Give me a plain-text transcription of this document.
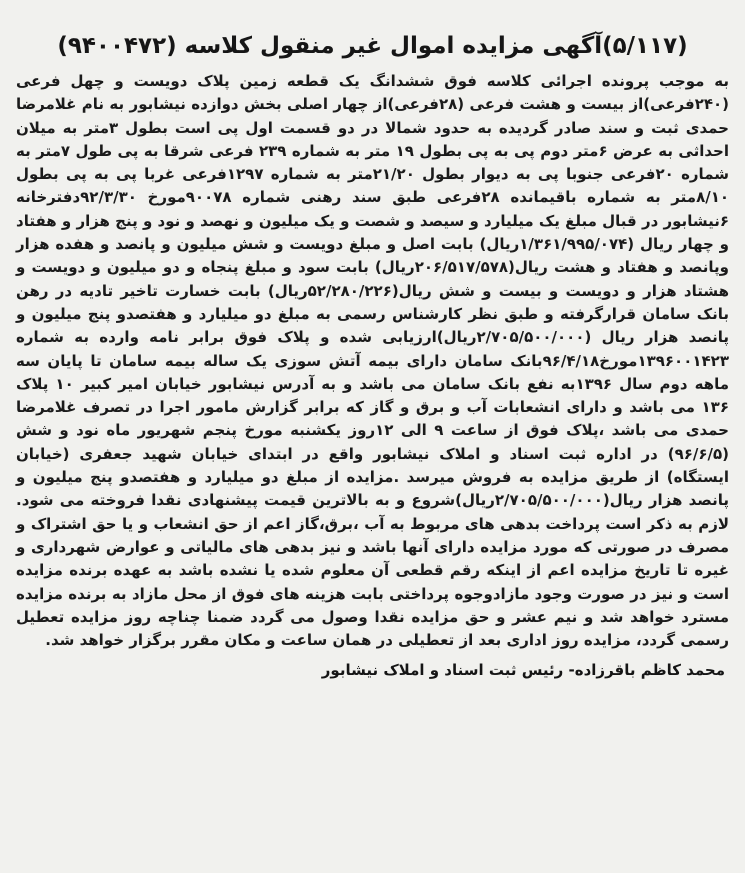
(۵/۱۱۷)آگهی مزایده اموال غیر منقول کلاسه (۹۴۰۰۴۷۲)

به موجب پرونده اجرائی کلاسه فوق ششدانگ یک قطعه زمین پلاک دویست و چهل فرعی (۲۴۰فرعی)از بیست و هشت فرعی (۲۸فرعی)از چهار اصلی بخش دوازده نیشابور به نام غلامرضا حمدی ثبت و سند صادر گردیده به حدود شمالا در دو قسمت اول پی است بطول ۳متر به میلان احداثی به عرض ۶متر دوم پی به پی بطول ۱۹ متر به شماره ۲۳۹ فرعی شرقا به پی طول ۷متر به شماره ۲۰فرعی جنوبا پی به دیوار بطول ۲۱/۲۰متر به شماره ۱۲۹۷فرعی غربا پی به پی بطول ۸/۱۰متر به شماره باقیمانده ۲۸فرعی طبق سند رهنی شماره ۹۰۰۷۸مورخ ۹۲/۳/۳۰دفترخانه ۶نیشابور در قبال مبلغ یک میلیارد و سیصد و شصت و یک میلیون و نهصد و نود و پنج هزار و هفتاد و چهار ریال (۱/۳۶۱/۹۹۵/۰۷۴ریال) بابت اصل و مبلغ دویست و شش میلیون و پانصد و هفده هزار وپانصد و هفتاد و هشت ریال(۲۰۶/۵۱۷/۵۷۸ریال) بابت سود و مبلغ پنجاه و دو میلیون و دویست و هشتاد هزار و دویست و بیست و شش ریال(۵۲/۲۸۰/۲۲۶ریال) بابت خسارت تاخیر تادیه در رهن بانک سامان قرارگرفته و طبق نظر کارشناس رسمی به مبلغ دو میلیارد و هفتصدو پنج میلیون و پانصد هزار ریال (۲/۷۰۵/۵۰۰/۰۰۰ریال)ارزیابی شده و پلاک فوق برابر نامه وارده به شماره ۱۳۹۶۰۰۱۴۲۳مورخ۹۶/۴/۱۸بانک سامان دارای بیمه آتش سوزی یک ساله بیمه سامان تا پایان سه ماهه دوم سال ۱۳۹۶به نفع بانک سامان می باشد و به آدرس نیشابور خیابان امیر کبیر ۱۰ پلاک ۱۳۶ می باشد و دارای انشعابات آب و برق و گاز که برابر گزارش مامور اجرا در تصرف غلامرضا حمدی می باشد ،پلاک فوق از ساعت ۹ الی ۱۲روز یکشنبه مورخ پنجم شهریور ماه نود و شش (۹۶/۶/۵) در اداره ثبت اسناد و املاک نیشابور واقع در ابتدای خیابان شهید جعفری (خیابان ایستگاه) از طریق مزایده به فروش میرسد .مزایده از مبلغ دو میلیارد و هفتصدو پنج میلیون و پانصد هزار ریال(۲/۷۰۵/۵۰۰/۰۰۰ریال)شروع و به بالاترین قیمت پیشنهادی نقدا فروخته می شود. لازم به ذکر است پرداخت بدهی های مربوط به آب ،برق،گاز اعم از حق انشعاب و یا حق اشتراک و مصرف در صورتی که مورد مزایده دارای آنها باشد و نیز بدهی های مالیاتی و عوارض شهرداری و غیره تا تاریخ مزایده اعم از اینکه رقم قطعی آن معلوم شده یا نشده باشد به عهده برنده مزایده است و نیز در صورت وجود مازادوجوه پرداختی بابت هزینه های فوق از محل مازاد به برنده مزایده مسترد خواهد شد و نیم عشر و حق مزایده نقدا وصول می گردد ضمنا چناچه روز مزایده تعطیل رسمی گردد، مزایده روز اداری بعد از تعطیلی در همان ساعت و مکان مقرر برگزار خواهد شد.

محمد کاظم باقرزاده- رئیس ثبت اسناد و املاک نیشابور
